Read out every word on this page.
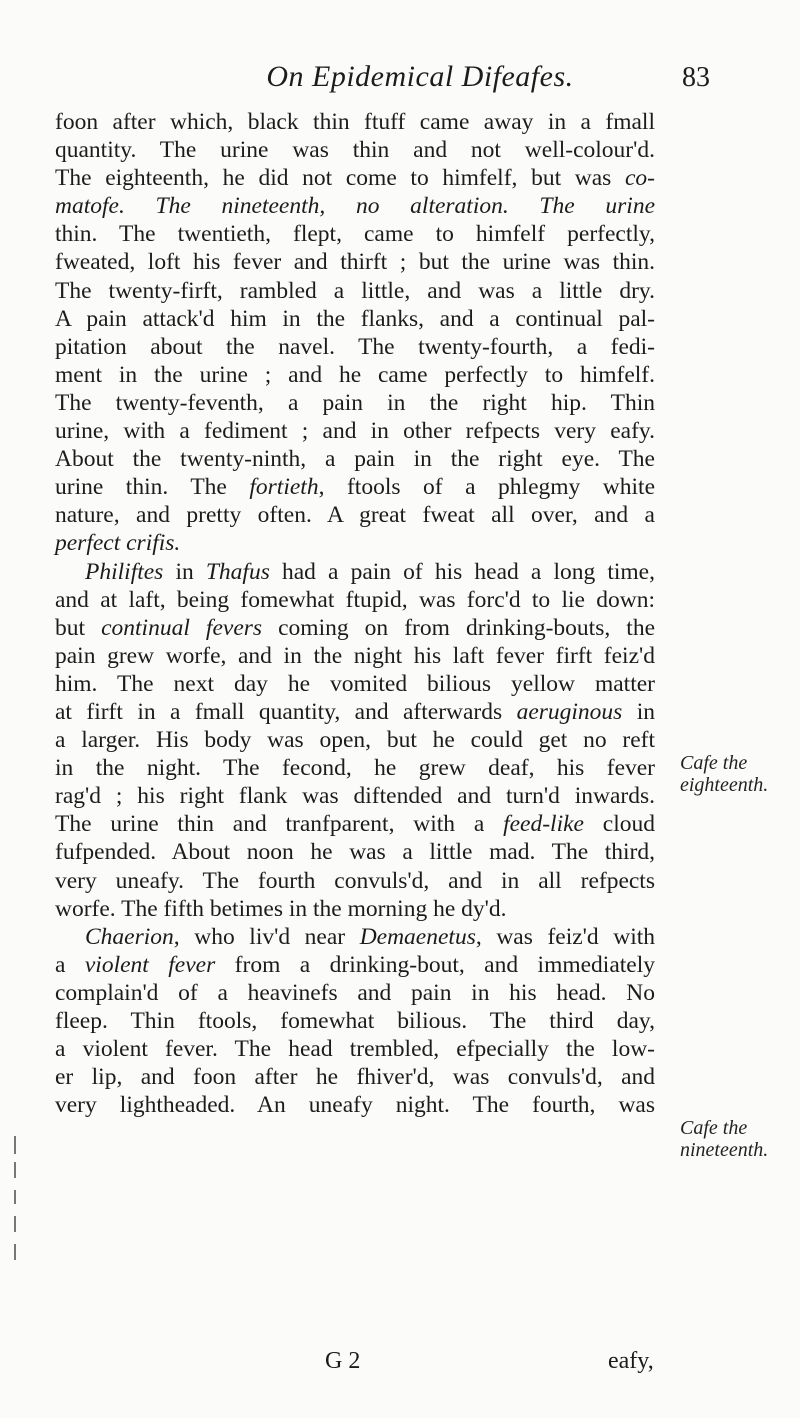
On Epidemical Difeafes.	83
foon after which, black thin ftuff came away in a fmall
quantity. The urine was thin and not well-colour'd.
The eighteenth, he did not come to himfelf, but was co-
matofe. The nineteenth, no alteration. The urine
thin. The twentieth, flept, came to himfelf perfectly,
fweated, loft his fever and thirft ; but the urine was thin.
The twenty-firft, rambled a little, and was a little dry.
A pain attack'd him in the flanks, and a continual pal-
pitation about the navel. The twenty-fourth, a fedi-
ment in the urine ; and he came perfectly to himfelf.
The twenty-feventh, a pain in the right hip. Thin
urine, with a fediment ; and in other refpects very eafy.
About the twenty-ninth, a pain in the right eye. The
urine thin. The fortieth, ftools of a phlegmy white
nature, and pretty often. A great fweat all over, and a
perfect crifis.
Philiftes in Thafus had a pain of his head a long time,
and at laft, being fomewhat ftupid, was forc'd to lie down:
but continual fevers coming on from drinking-bouts, the
pain grew worfe, and in the night his laft fever firft feiz'd
him. The next day he vomited bilious yellow matter
at firft in a fmall quantity, and afterwards aeruginous in
a larger. His body was open, but he could get no reft
in the night. The fecond, he grew deaf, his fever
rag'd ; his right flank was diftended and turn'd inwards.
The urine thin and tranfparent, with a feed-like cloud
fufpended. About noon he was a little mad. The third,
very uneafy. The fourth convuls'd, and in all refpects
worfe. The fifth betimes in the morning he dy'd.
Chaerion, who liv'd near Demaenetus, was feiz'd with
a violent fever from a drinking-bout, and immediately
complain'd of a heavinefs and pain in his head. No
fleep. Thin ftools, fomewhat bilious. The third day,
a violent fever. The head trembled, efpecially the low-
er lip, and foon after he fhiver'd, was convuls'd, and
very lightheaded. An uneafy night. The fourth, was
Cafe the
eighteenth.
Cafe the
nineteenth.
G 2	eafy,
